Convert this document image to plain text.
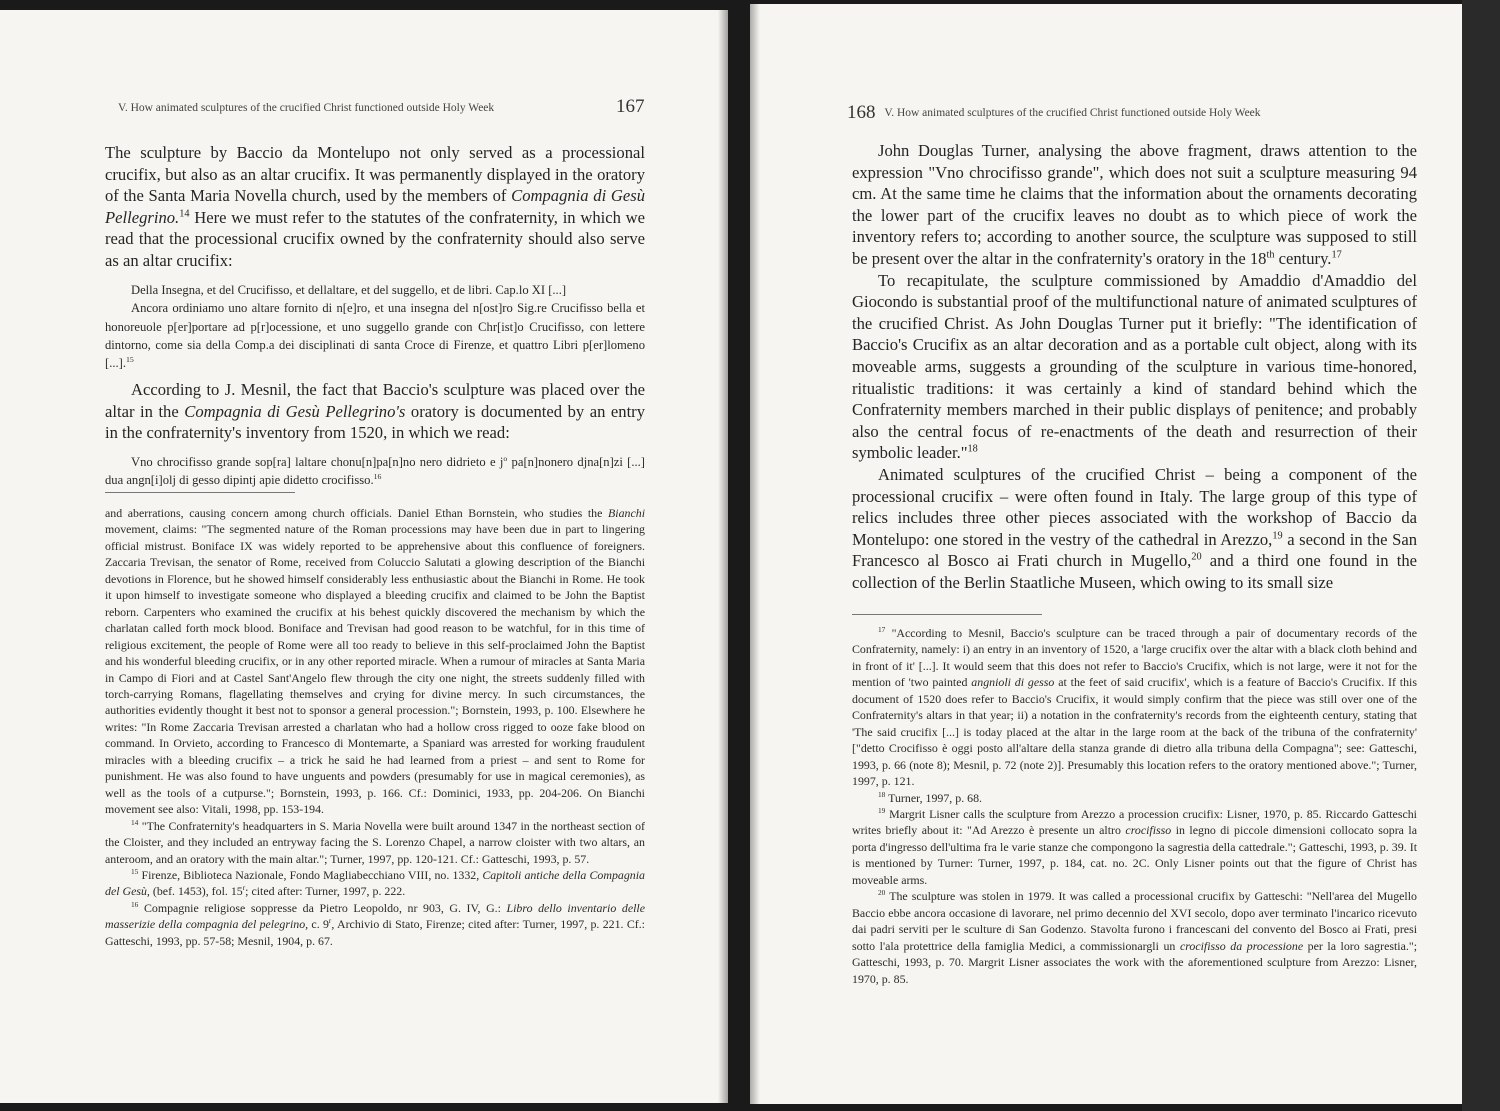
V. How animated sculptures of the crucified Christ functioned outside Holy Week	167

The sculpture by Baccio da Montelupo not only served as a processional crucifix, but also as an altar crucifix. It was permanently displayed in the oratory of the Santa Maria Novella church, used by the members of Compagnia di Gesù Pellegrino.$^{14}$ Here we must refer to the statutes of the confraternity, in which we read that the processional crucifix owned by the confraternity should also serve as an altar crucifix:

Della Insegna, et del Crucifisso, et dellaltare, et del suggello, et de libri. Cap.lo XI [...]

Ancora ordiniamo uno altare fornito di n[e]ro, et una insegna del n[ost]ro Sig.re Crucifisso bella et honoreuole p[er]portare ad p[r]ocessione, et uno suggello grande con Chr[ist]o Crucifisso, con lettere dintorno, come sia della Comp.a dei disciplinati di santa Croce di Firenze, et quattro Libri p[er]lomeno [...].$^{15}$

According to J. Mesnil, the fact that Baccio's sculpture was placed over the altar in the Compagnia di Gesù Pellegrino's oratory is documented by an entry in the confraternity's inventory from 1520, in which we read:

Vno chrocifisso grande sop[ra] laltare chonu[n]pa[n]no nero didrieto e $j^o$ pa[n]nonero djna[n]zi [...] dua angn[i]olj di gesso dipintj apie didetto crocifisso.$^{16}$

and aberrations, causing concern among church officials. Daniel Ethan Bornstein, who studies the Bianchi movement, claims: "The segmented nature of the Roman processions may have been due in part to lingering official mistrust. Boniface IX was widely reported to be apprehensive about this confluence of foreigners. Zaccaria Trevisan, the senator of Rome, received from Coluccio Salutati a glowing description of the Bianchi devotions in Florence, but he showed himself considerably less enthusiastic about the Bianchi in Rome. He took it upon himself to investigate someone who displayed a bleeding crucifix and claimed to be John the Baptist reborn. Carpenters who examined the crucifix at his behest quickly discovered the mechanism by which the charlatan called forth mock blood. Boniface and Trevisan had good reason to be watchful, for in this time of religious excitement, the people of Rome were all too ready to believe in this self-proclaimed John the Baptist and his wonderful bleeding crucifix, or in any other reported miracle. When a rumour of miracles at Santa Maria in Campo di Fiori and at Castel Sant'Angelo flew through the city one night, the streets suddenly filled with torch-carrying Romans, flagellating themselves and crying for divine mercy. In such circumstances, the authorities evidently thought it best not to sponsor a general procession."; Bornstein, 1993, p. 100. Elsewhere he writes: "In Rome Zaccaria Trevisan arrested a charlatan who had a hollow cross rigged to ooze fake blood on command. In Orvieto, according to Francesco di Montemarte, a Spaniard was arrested for working fraudulent miracles with a bleeding crucifix – a trick he said he had learned from a priest – and sent to Rome for punishment. He was also found to have unguents and powders (presumably for use in magical ceremonies), as well as the tools of a cutpurse."; Bornstein, 1993, p. 166. Cf.: Dominici, 1933, pp. 204-206. On Bianchi movement see also: Vitali, 1998, pp. 153-194.

$^{14}$ "The Confraternity's headquarters in S. Maria Novella were built around 1347 in the northeast section of the Cloister, and they included an entryway facing the S. Lorenzo Chapel, a narrow cloister with two altars, an anteroom, and an oratory with the main altar."; Turner, 1997, pp. 120-121. Cf.: Gatteschi, 1993, p. 57.

$^{15}$ Firenze, Biblioteca Nazionale, Fondo Magliabecchiano VIII, no. 1332, Capitoli antiche della Compagnia del Gesù, (bef. 1453), fol. 15$^r$; cited after: Turner, 1997, p. 222.

$^{16}$ Compagnie religiose soppresse da Pietro Leopoldo, nr 903, G. IV, G.: Libro dello inventario delle masserizie della compagnia del pelegrino, c. 9$^r$, Archivio di Stato, Firenze; cited after: Turner, 1997, p. 221. Cf.: Gatteschi, 1993, pp. 57-58; Mesnil, 1904, p. 67.

168 V. How animated sculptures of the crucified Christ functioned outside Holy Week

John Douglas Turner, analysing the above fragment, draws attention to the expression "Vno chrocifisso grande", which does not suit a sculpture measuring 94 cm. At the same time he claims that the information about the ornaments decorating the lower part of the crucifix leaves no doubt as to which piece of work the inventory refers to; according to another source, the sculpture was supposed to still be present over the altar in the confraternity's oratory in the 18th century.$^{17}$

To recapitulate, the sculpture commissioned by Amaddio d'Amaddio del Giocondo is substantial proof of the multifunctional nature of animated sculptures of the crucified Christ. As John Douglas Turner put it briefly: "The identification of Baccio's Crucifix as an altar decoration and as a portable cult object, along with its moveable arms, suggests a grounding of the sculpture in various time-honored, ritualistic traditions: it was certainly a kind of standard behind which the Confraternity members marched in their public displays of penitence; and probably also the central focus of re-enactments of the death and resurrection of their symbolic leader."$^{18}$

Animated sculptures of the crucified Christ – being a component of the processional crucifix – were often found in Italy. The large group of this type of relics includes three other pieces associated with the workshop of Baccio da Montelupo: one stored in the vestry of the cathedral in Arezzo,$^{19}$ a second in the San Francesco al Bosco ai Frati church in Mugello,$^{20}$ and a third one found in the collection of the Berlin Staatliche Museen, which owing to its small size

$^{17}$ "According to Mesnil, Baccio's sculpture can be traced through a pair of documentary records of the Confraternity, namely: i) an entry in an inventory of 1520, a 'large crucifix over the altar with a black cloth behind and in front of it' [...]. It would seem that this does not refer to Baccio's Crucifix, which is not large, were it not for the mention of 'two painted angnioli di gesso at the feet of said crucifix', which is a feature of Baccio's Crucifix. If this document of 1520 does refer to Baccio's Crucifix, it would simply confirm that the piece was still over one of the Confraternity's altars in that year; ii) a notation in the confraternity's records from the eighteenth century, stating that 'The said crucifix [...] is today placed at the altar in the large room at the back of the tribuna of the confraternity' ["detto Crocifisso è oggi posto all'altare della stanza grande di dietro alla tribuna della Compagna"; see: Gatteschi, 1993, p. 66 (note 8); Mesnil, p. 72 (note 2)]. Presumably this location refers to the oratory mentioned above."; Turner, 1997, p. 121.

$^{18}$ Turner, 1997, p. 68.

$^{19}$ Margrit Lisner calls the sculpture from Arezzo a procession crucifix: Lisner, 1970, p. 85. Riccardo Gatteschi writes briefly about it: "Ad Arezzo è presente un altro crocifisso in legno di piccole dimensioni collocato sopra la porta d'ingresso dell'ultima fra le varie stanze che compongono la sagrestia della cattedrale."; Gatteschi, 1993, p. 39. It is mentioned by Turner: Turner, 1997, p. 184, cat. no. 2C. Only Lisner points out that the figure of Christ has moveable arms.

$^{20}$ The sculpture was stolen in 1979. It was called a processional crucifix by Gatteschi: "Nell'area del Mugello Baccio ebbe ancora occasione di lavorare, nel primo decennio del XVI secolo, dopo aver terminato l'incarico ricevuto dai padri serviti per le sculture di San Godenzo. Stavolta furono i francescani del convento del Bosco ai Frati, presi sotto l'ala protettrice della famiglia Medici, a commissionargli un crocifisso da processione per la loro sagrestia."; Gatteschi, 1993, p. 70. Margrit Lisner associates the work with the aforementioned sculpture from Arezzo: Lisner, 1970, p. 85.
